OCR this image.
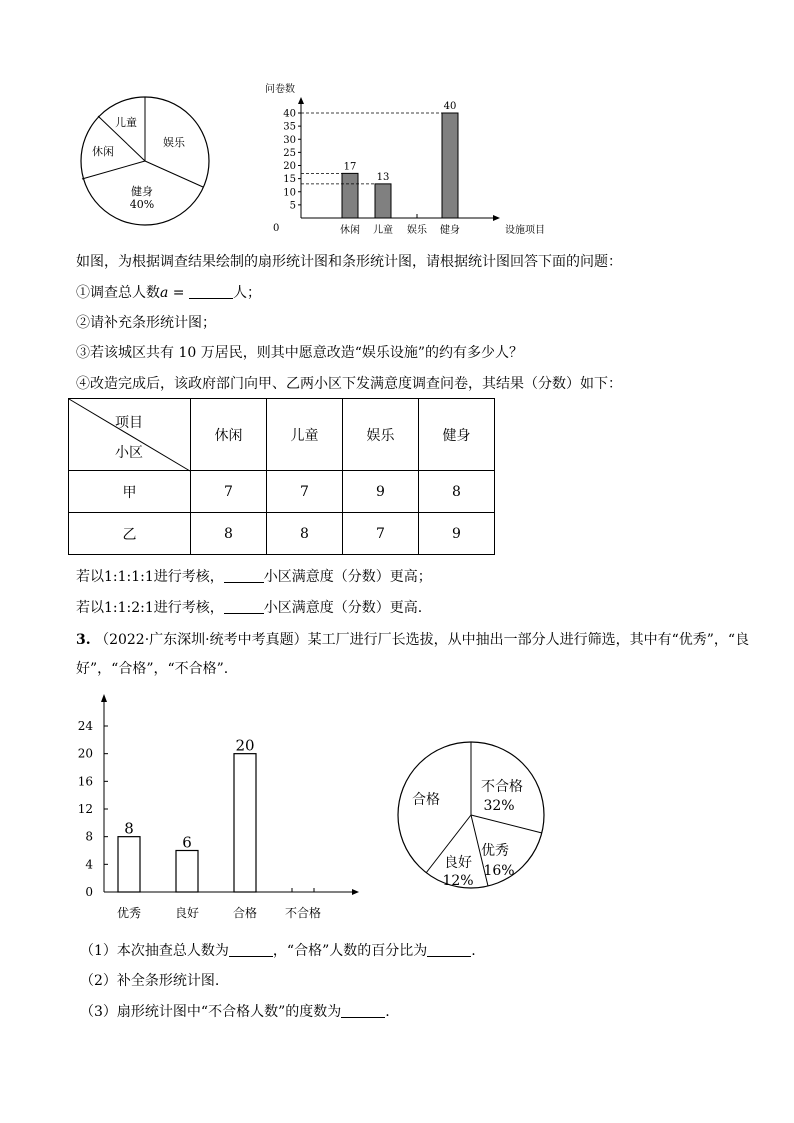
儿童
娱乐
健身
40%
休闲
问卷数
设施项目
0
5
10
15
20
25
30
35
40
休闲
17
儿童
13
娱乐 健身
40
如图，为根据调查结果绘制的扇形统计图和条形统计图，请根据统计图回答下面的问题：
①调查总人数a =	人；
②请补充条形统计图；
③若该城区共有 10 万居民，则其中愿意改造“娱乐设施”的约有多少人？
④改造完成后，该政府部门向甲、乙两小区下发满意度调查问卷，其结果（分数）如下：
项目
小区	休闲	儿童	娱乐	健身
甲	7	7	9	8
乙	8	8	7	9
若以1:1:1:1进行考核，	小区满意度（分数）更高；
若以1:1:2:1进行考核，	小区满意度（分数）更高.
3. （2022·广东深圳·统考中考真题）某工厂进行厂长选拔，从中抽出一部分人进行筛选，其中有“优秀”，“良
好”，“合格”，“不合格”.
0
4
8
12
16
20
24
优秀
8
良好
6
合格
20
不合格
不合格
32%
优秀
16%
良好
12%
合格
（1）本次抽查总人数为	，“合格”人数的百分比为	.
（2）补全条形统计图.
（3）扇形统计图中“不合格人数”的度数为	.
